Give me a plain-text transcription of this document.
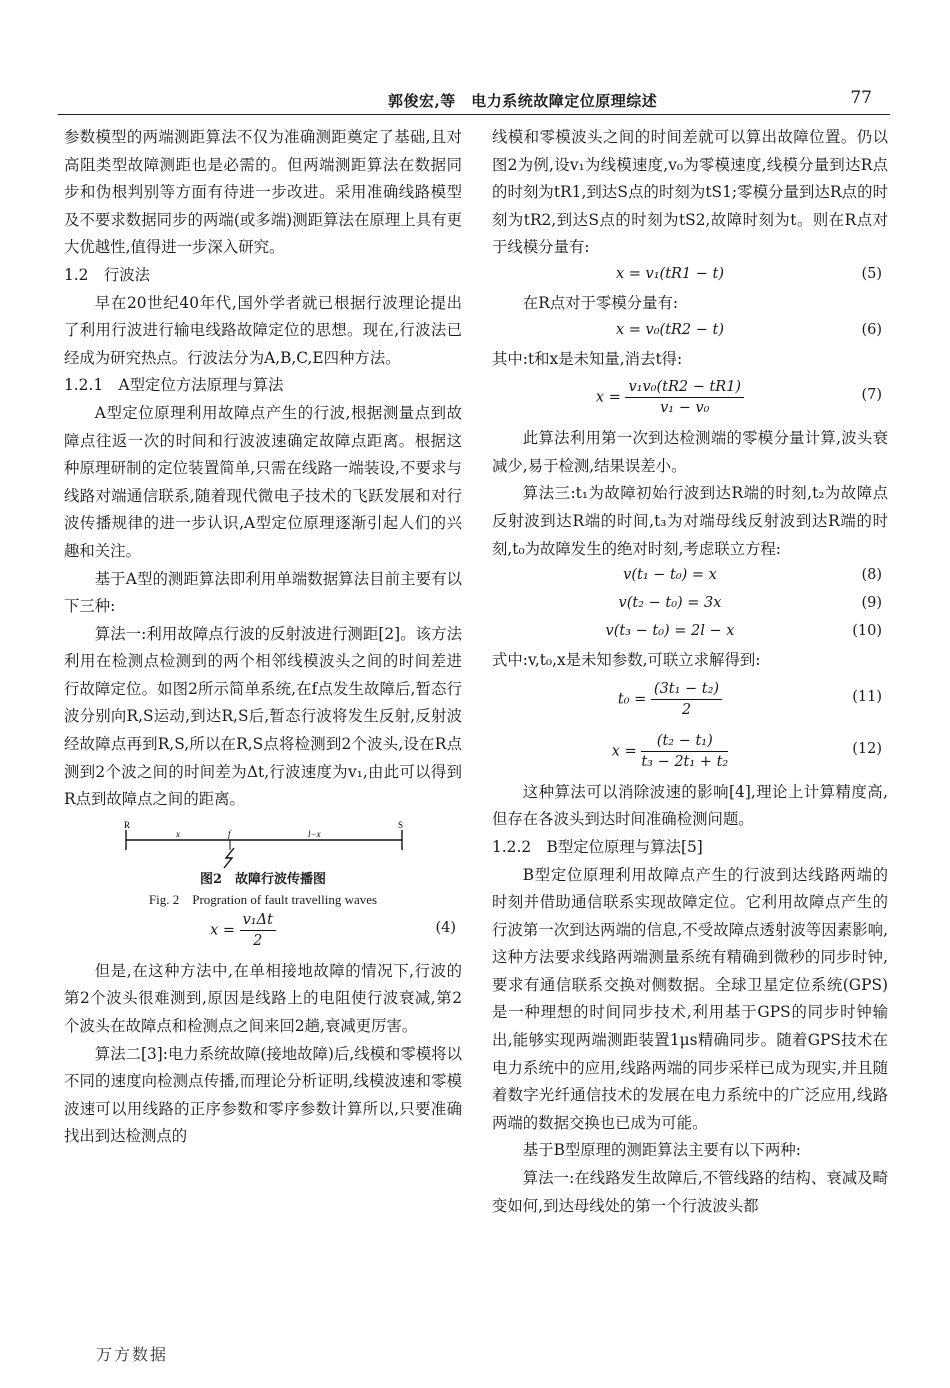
郭俊宏,等　电力系统故障定位原理综述	77

参数模型的两端测距算法不仅为准确测距奠定了基础,且对高阻类型故障测距也是必需的。但两端测距算法在数据同步和伪根判别等方面有待进一步改进。采用准确线路模型及不要求数据同步的两端(或多端)测距算法在原理上具有更大优越性,值得进一步深入研究。

1.2　行波法

早在20世纪40年代,国外学者就已根据行波理论提出了利用行波进行输电线路故障定位的思想。现在,行波法已经成为研究热点。行波法分为A,B,C,E四种方法。

1.2.1　A型定位方法原理与算法

A型定位原理利用故障点产生的行波,根据测量点到故障点往返一次的时间和行波波速确定故障点距离。根据这种原理研制的定位装置简单,只需在线路一端装设,不要求与线路对端通信联系,随着现代微电子技术的飞跃发展和对行波传播规律的进一步认识,A型定位原理逐渐引起人们的兴趣和关注。

基于A型的测距算法即利用单端数据算法目前主要有以下三种:

算法一:利用故障点行波的反射波进行测距[2]。该方法利用在检测点检测到的两个相邻线模波头之间的时间差进行故障定位。如图2所示简单系统,在f点发生故障后,暂态行波分别向R,S运动,到达R,S后,暂态行波将发生反射,反射波经故障点再到R,S,所以在R,S点将检测到2个波头,设在R点测到2个波之间的时间差为Δt,行波速度为v₁,由此可以得到R点到故障点之间的距离。

R
x	f	l−x
S
图2　故障行波传播图
Fig. 2　Progration of fault travelling waves
$x = \frac{\text{v₁Δt}}{2}$	(4)

但是,在这种方法中,在单相接地故障的情况下,行波的第2个波头很难测到,原因是线路上的电阻使行波衰减,第2个波头在故障点和检测点之间来回2趟,衰减更厉害。

算法二[3]:电力系统故障(接地故障)后,线模和零模将以不同的速度向检测点传播,而理论分析证明,线模波速和零模波速可以用线路的正序参数和零序参数计算所以,只要准确找出到达检测点的

线模和零模波头之间的时间差就可以算出故障位置。仍以图2为例,设v₁为线模速度,v₀为零模速度,线模分量到达R点的时刻为tR1,到达S点的时刻为tS1;零模分量到达R点的时刻为tR2,到达S点的时刻为tS2,故障时刻为t。则在R点对于线模分量有:

x = v₁(tR1 − t)	(5)

在R点对于零模分量有:

x = v₀(tR2 − t)	(6)

其中:t和x是未知量,消去t得:

$x = \frac{\text{v₁v₀(tR2 − tR1)}}{\text{v₁ − v₀}}$	(7)

此算法利用第一次到达检测端的零模分量计算,波头衰减少,易于检测,结果误差小。

算法三:t₁为故障初始行波到达R端的时刻,t₂为故障点反射波到达R端的时间,t₃为对端母线反射波到达R端的时刻,t₀为故障发生的绝对时刻,考虑联立方程:

v(t₁ − t₀) = x	(8)
v(t₂ − t₀) = 3x	(9)
v(t₃ − t₀) = 2l − x	(10)

式中:v,t₀,x是未知参数,可联立求解得到:

$t_0 = \frac{\text{(3t₁ − t₂)}}{2}$	(11)
$x = \frac{\text{(t₂ − t₁)}}{\text{t₃ − 2t₁ + t₂}}$	(12)

这种算法可以消除波速的影响[4],理论上计算精度高,但存在各波头到达时间准确检测问题。

1.2.2　B型定位原理与算法[5]

B型定位原理利用故障点产生的行波到达线路两端的时刻并借助通信联系实现故障定位。它利用故障点产生的行波第一次到达两端的信息,不受故障点透射波等因素影响,这种方法要求线路两端测量系统有精确到微秒的同步时钟,要求有通信联系交换对侧数据。全球卫星定位系统(GPS)是一种理想的时间同步技术,利用基于GPS的同步时钟输出,能够实现两端测距装置1μs精确同步。随着GPS技术在电力系统中的应用,线路两端的同步采样已成为现实,并且随着数字光纤通信技术的发展在电力系统中的广泛应用,线路两端的数据交换也已成为可能。

基于B型原理的测距算法主要有以下两种:

算法一:在线路发生故障后,不管线路的结构、衰减及畸变如何,到达母线处的第一个行波波头都

万方数据
